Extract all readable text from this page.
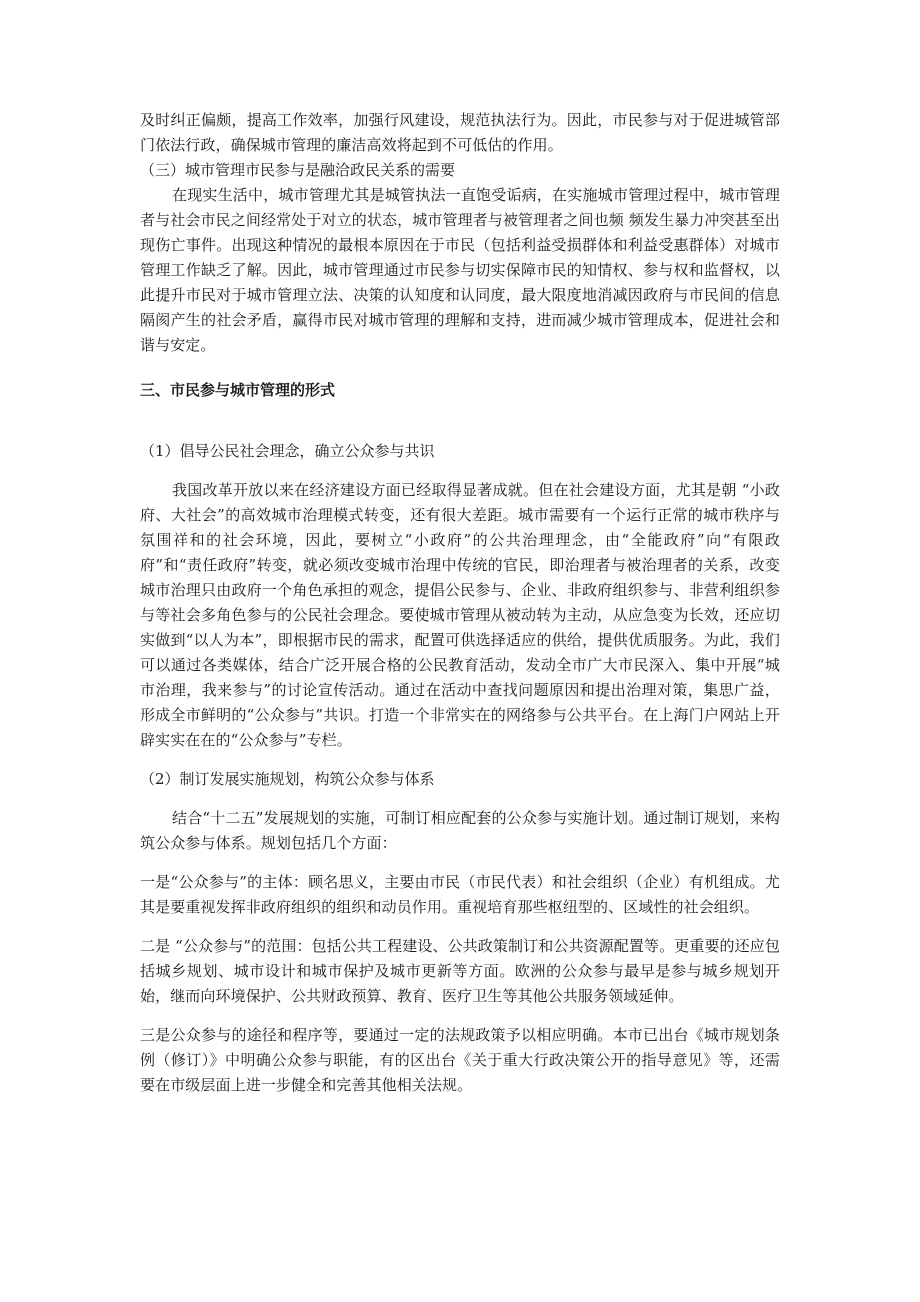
及时纠正偏颇，提高工作效率，加强行风建设，规范执法行为。因此，市民参与对于促进城管部门依法行政，确保城市管理的廉洁高效将起到不可低估的作用。

（三）城市管理市民参与是融洽政民关系的需要

在现实生活中，城市管理尤其是城管执法一直饱受诟病，在实施城市管理过程中，城市管理者与社会市民之间经常处于对立的状态，城市管理者与被管理者之间也频 频发生暴力冲突甚至出现伤亡事件。出现这种情况的最根本原因在于市民（包括利益受损群体和利益受惠群体）对城市管理工作缺乏了解。因此，城市管理通过市民参与切实保障市民的知情权、参与权和监督权，以此提升市民对于城市管理立法、决策的认知度和认同度，最大限度地消减因政府与市民间的信息隔阂产生的社会矛盾，赢得市民对城市管理的理解和支持，进而减少城市管理成本，促进社会和谐与安定。

三、市民参与城市管理的形式

（1）倡导公民社会理念，确立公众参与共识

我国改革开放以来在经济建设方面已经取得显著成就。但在社会建设方面，尤其是朝 “小政府、大社会”的高效城市治理模式转变，还有很大差距。城市需要有一个运行正常的城市秩序与氛围祥和的社会环境，因此，要树立“小政府”的公共治理理念，由“全能政府”向“有限政府”和“责任政府”转变，就必须改变城市治理中传统的官民，即治理者与被治理者的关系，改变城市治理只由政府一个角色承担的观念，提倡公民参与、企业、非政府组织参与、非营利组织参与等社会多角色参与的公民社会理念。要使城市管理从被动转为主动，从应急变为长效，还应切实做到“以人为本”，即根据市民的需求，配置可供选择适应的供给，提供优质服务。为此，我们可以通过各类媒体，结合广泛开展合格的公民教育活动，发动全市广大市民深入、集中开展“城市治理，我来参与”的讨论宣传活动。通过在活动中查找问题原因和提出治理对策，集思广益，形成全市鲜明的“公众参与”共识。打造一个非常实在的网络参与公共平台。在上海门户网站上开辟实实在在的“公众参与”专栏。

（2）制订发展实施规划，构筑公众参与体系

结合“十二五”发展规划的实施，可制订相应配套的公众参与实施计划。通过制订规划，来构筑公众参与体系。规划包括几个方面：

一是“公众参与”的主体：顾名思义，主要由市民（市民代表）和社会组织（企业）有机组成。尤其是要重视发挥非政府组织的组织和动员作用。重视培育那些枢纽型的、区域性的社会组织。

二是 “公众参与”的范围：包括公共工程建设、公共政策制订和公共资源配置等。更重要的还应包括城乡规划、城市设计和城市保护及城市更新等方面。欧洲的公众参与最早是参与城乡规划开始，继而向环境保护、公共财政预算、教育、医疗卫生等其他公共服务领域延伸。

三是公众参与的途径和程序等，要通过一定的法规政策予以相应明确。本市已出台《城市规划条例（修订）》中明确公众参与职能，有的区出台《关于重大行政决策公开的指导意见》等，还需要在市级层面上进一步健全和完善其他相关法规。
